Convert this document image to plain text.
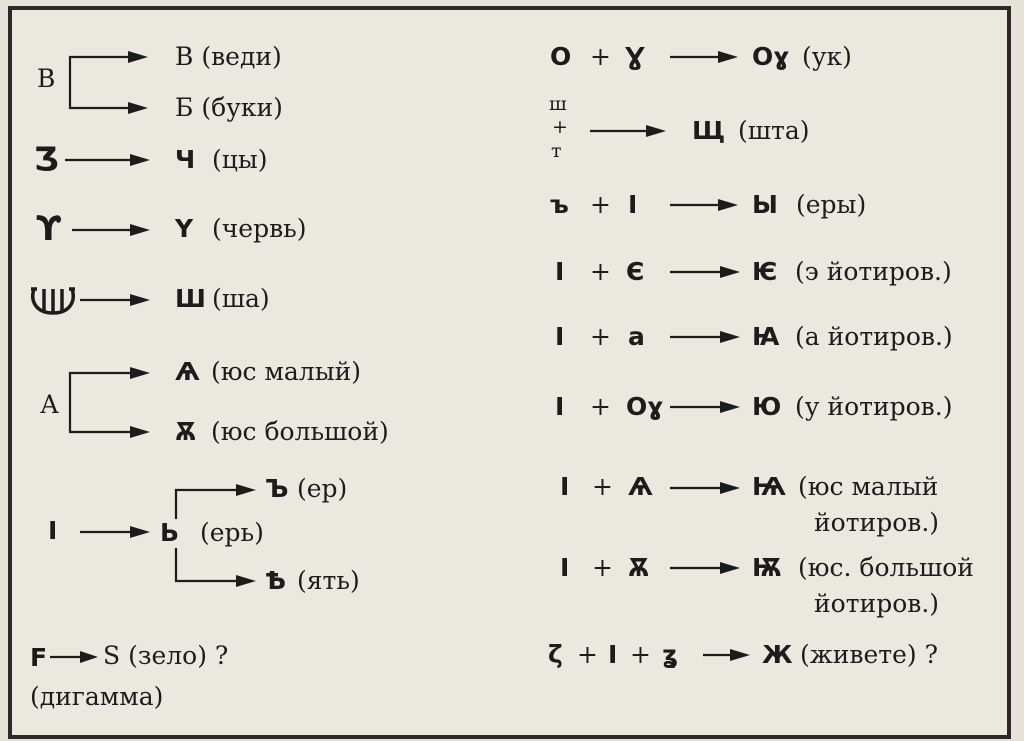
В
В (веди)
Б (буки)
Ʒ	Ч (цы)
ϒ	Ү (червь)
Ш (ша)
А
Ѧ (юс малый)
Ѫ (юс большой)
I
Ъ (ер)
Ь (ерь)
Ѣ (ять)
F S (зело) ?
(дигамма)
О + Ɣ	Оɣ (ук)
ш
+
т
Щ (шта)
ъ + I	Ы (еры)
I + Є	Ѥ (э йотиров.)
I + а	Ꙗ (а йотиров.)
I + Оɣ	Ю (у йотиров.)
I + Ѧ	Ѩ (юс малый
йотиров.)
I + Ѫ	Ѭ (юс. большой
йотиров.)
ζ + I + ʓ	Ж (живете) ?
